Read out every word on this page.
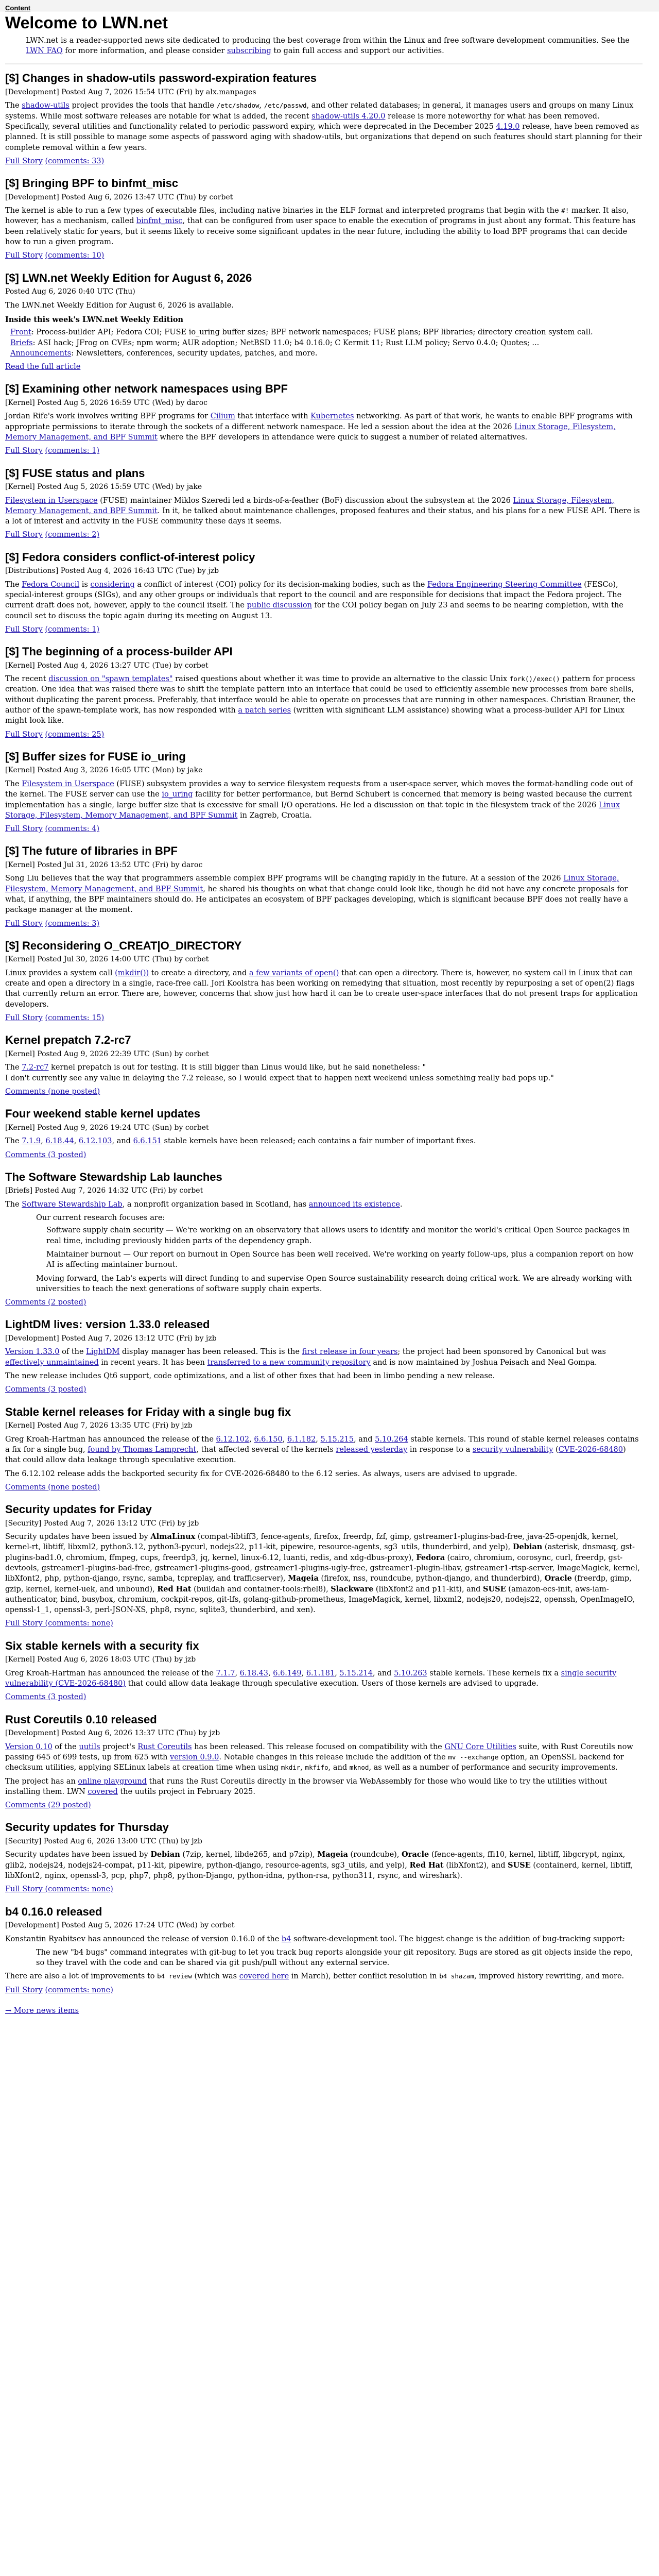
Content
Welcome to LWN.net

LWN.net is a reader-supported news site dedicated to producing the best coverage from within the Linux and free software development communities. See the LWN FAQ for more information, and please consider subscribing to gain full access and support our activities.

[$] Changes in shadow-utils password-expiration features
[Development] Posted Aug 7, 2026 15:54 UTC (Fri) by alx.manpages

The shadow-utils project provides the tools that handle /etc/shadow, /etc/passwd, and other related databases; in general, it manages users and groups on many Linux systems. While most software releases are notable for what is added, the recent shadow-utils 4.20.0 release is more noteworthy for what has been removed. Specifically, several utilities and functionality related to periodic password expiry, which were deprecated in the December 2025 4.19.0 release, have been removed as planned. It is still possible to manage some aspects of password aging with shadow-utils, but organizations that depend on such features should start planning for their complete removal within a few years.

Full Story (comments: 33)
[$] Bringing BPF to binfmt_misc
[Development] Posted Aug 6, 2026 13:47 UTC (Thu) by corbet

The kernel is able to run a few types of executable files, including native binaries in the ELF format and interpreted programs that begin with the #! marker. It also, however, has a mechanism, called binfmt_misc, that can be configured from user space to enable the execution of programs in just about any format. This feature has been relatively static for years, but it seems likely to receive some significant updates in the near future, including the ability to load BPF programs that can decide how to run a given program.

Full Story (comments: 10)
[$] LWN.net Weekly Edition for August 6, 2026
Posted Aug 6, 2026 0:40 UTC (Thu)

The LWN.net Weekly Edition for August 6, 2026 is available.

Inside this week's LWN.net Weekly Edition
Front: Process-builder API; Fedora COI; FUSE io_uring buffer sizes; BPF network namespaces; FUSE plans; BPF libraries; directory creation system call.
Briefs: ASI hack; JFrog on CVEs; npm worm; AUR adoption; NetBSD 11.0; b4 0.16.0; C Kermit 11; Rust LLM policy; Servo 0.4.0; Quotes; ...
Announcements: Newsletters, conferences, security updates, patches, and more.
Read the full article
[$] Examining other network namespaces using BPF
[Kernel] Posted Aug 5, 2026 16:59 UTC (Wed) by daroc

Jordan Rife's work involves writing BPF programs for Cilium that interface with Kubernetes networking. As part of that work, he wants to enable BPF programs with appropriate permissions to iterate through the sockets of a different network namespace. He led a session about the idea at the 2026 Linux Storage, Filesystem, Memory Management, and BPF Summit where the BPF developers in attendance were quick to suggest a number of related alternatives.

Full Story (comments: 1)
[$] FUSE status and plans
[Kernel] Posted Aug 5, 2026 15:59 UTC (Wed) by jake

Filesystem in Userspace (FUSE) maintainer Miklos Szeredi led a birds-of-a-feather (BoF) discussion about the subsystem at the 2026 Linux Storage, Filesystem, Memory Management, and BPF Summit. In it, he talked about maintenance challenges, proposed features and their status, and his plans for a new FUSE API. There is a lot of interest and activity in the FUSE community these days it seems.

Full Story (comments: 2)
[$] Fedora considers conflict-of-interest policy
[Distributions] Posted Aug 4, 2026 16:43 UTC (Tue) by jzb

The Fedora Council is considering a conflict of interest (COI) policy for its decision-making bodies, such as the Fedora Engineering Steering Committee (FESCo), special-interest groups (SIGs), and any other groups or individuals that report to the council and are responsible for decisions that impact the Fedora project. The current draft does not, however, apply to the council itself. The public discussion for the COI policy began on July 23 and seems to be nearing completion, with the council set to discuss the topic again during its meeting on August 13.

Full Story (comments: 1)
[$] The beginning of a process-builder API
[Kernel] Posted Aug 4, 2026 13:27 UTC (Tue) by corbet

The recent discussion on "spawn templates" raised questions about whether it was time to provide an alternative to the classic Unix fork()/exec() pattern for process creation. One idea that was raised there was to shift the template pattern into an interface that could be used to efficiently assemble new processes from bare shells, without duplicating the parent process. Preferably, that interface would be able to operate on processes that are running in other namespaces. Christian Brauner, the author of the spawn-template work, has now responded with a patch series (written with significant LLM assistance) showing what a process-builder API for Linux might look like.

Full Story (comments: 25)
[$] Buffer sizes for FUSE io_uring
[Kernel] Posted Aug 3, 2026 16:05 UTC (Mon) by jake

The Filesystem in Userspace (FUSE) subsystem provides a way to service filesystem requests from a user-space server, which moves the format-handling code out of the kernel. The FUSE server can use the io_uring facility for better performance, but Bernd Schubert is concerned that memory is being wasted because the current implementation has a single, large buffer size that is excessive for small I/O operations. He led a discussion on that topic in the filesystem track of the 2026 Linux Storage, Filesystem, Memory Management, and BPF Summit in Zagreb, Croatia.

Full Story (comments: 4)
[$] The future of libraries in BPF
[Kernel] Posted Jul 31, 2026 13:52 UTC (Fri) by daroc

Song Liu believes that the way that programmers assemble complex BPF programs will be changing rapidly in the future. At a session of the 2026 Linux Storage, Filesystem, Memory Management, and BPF Summit, he shared his thoughts on what that change could look like, though he did not have any concrete proposals for what, if anything, the BPF maintainers should do. He anticipates an ecosystem of BPF packages developing, which is significant because BPF does not really have a package manager at the moment.

Full Story (comments: 3)
[$] Reconsidering O_CREAT|O_DIRECTORY
[Kernel] Posted Jul 30, 2026 14:00 UTC (Thu) by corbet

Linux provides a system call (mkdir()) to create a directory, and a few variants of open() that can open a directory. There is, however, no system call in Linux that can create and open a directory in a single, race-free call. Jori Koolstra has been working on remedying that situation, most recently by repurposing a set of open(2) flags that currently return an error. There are, however, concerns that show just how hard it can be to create user-space interfaces that do not present traps for application developers.

Full Story (comments: 15)
Kernel prepatch 7.2-rc7
[Kernel] Posted Aug 9, 2026 22:39 UTC (Sun) by corbet

The 7.2-rc7 kernel prepatch is out for testing. It is still bigger than Linus would like, but he said nonetheless: "
I don't currently see any value in delaying the 7.2 release, so I would expect that to happen next weekend unless something really bad pops up."

Comments (none posted)
Four weekend stable kernel updates
[Kernel] Posted Aug 9, 2026 19:24 UTC (Sun) by corbet

The 7.1.9, 6.18.44, 6.12.103, and 6.6.151 stable kernels have been released; each contains a fair number of important fixes.

Comments (3 posted)
The Software Stewardship Lab launches
[Briefs] Posted Aug 7, 2026 14:32 UTC (Fri) by corbet

The Software Stewardship Lab, a nonprofit organization based in Scotland, has announced its existence.

Our current research focuses are:
Software supply chain security — We're working on an observatory that allows users to identify and monitor the world's critical Open Source packages in real time, including previously hidden parts of the dependency graph.
Maintainer burnout — Our report on burnout in Open Source has been well received. We're working on yearly follow-ups, plus a companion report on how AI is affecting maintainer burnout.
Moving forward, the Lab's experts will direct funding to and supervise Open Source sustainability research doing critical work. We are already working with universities to teach the next generations of software supply chain experts.
Comments (2 posted)
LightDM lives: version 1.33.0 released
[Development] Posted Aug 7, 2026 13:12 UTC (Fri) by jzb

Version 1.33.0 of the LightDM display manager has been released. This is the first release in four years; the project had been sponsored by Canonical but was effectively unmaintained in recent years. It has been transferred to a new community repository and is now maintained by Joshua Peisach and Neal Gompa.

The new release includes Qt6 support, code optimizations, and a list of other fixes that had been in limbo pending a new release.

Comments (3 posted)
Stable kernel releases for Friday with a single bug fix
[Kernel] Posted Aug 7, 2026 13:35 UTC (Fri) by jzb

Greg Kroah-Hartman has announced the release of the 6.12.102, 6.6.150, 6.1.182, 5.15.215, and 5.10.264 stable kernels. This round of stable kernel releases contains a fix for a single bug, found by Thomas Lamprecht, that affected several of the kernels released yesterday in response to a security vulnerability (CVE-2026-68480) that could allow data leakage through speculative execution.

The 6.12.102 release adds the backported security fix for CVE-2026-68480 to the 6.12 series. As always, users are advised to upgrade.

Comments (none posted)
Security updates for Friday
[Security] Posted Aug 7, 2026 13:12 UTC (Fri) by jzb

Security updates have been issued by AlmaLinux (compat-libtiff3, fence-agents, firefox, freerdp, fzf, gimp, gstreamer1-plugins-bad-free, java-25-openjdk, kernel, kernel-rt, libtiff, libxml2, python3.12, python3-pycurl, nodejs22, p11-kit, pipewire, resource-agents, sg3_utils, thunderbird, and yelp), Debian (asterisk, dnsmasq, gst-plugins-bad1.0, chromium, ffmpeg, cups, freerdp3, jq, kernel, linux-6.12, luanti, redis, and xdg-dbus-proxy), Fedora (cairo, chromium, corosync, curl, freerdp, gst-devtools, gstreamer1-plugins-bad-free, gstreamer1-plugins-good, gstreamer1-plugins-ugly-free, gstreamer1-plugin-libav, gstreamer1-rtsp-server, ImageMagick, kernel, libXfont2, php, python-django, rsync, samba, tcpreplay, and trafficserver), Mageia (firefox, nss, roundcube, python-django, and thunderbird), Oracle (freerdp, gimp, gzip, kernel, kernel-uek, and unbound), Red Hat (buildah and container-tools:rhel8), Slackware (libXfont2 and p11-kit), and SUSE (amazon-ecs-init, aws-iam-authenticator, bind, busybox, chromium, cockpit-repos, git-lfs, golang-github-prometheus, ImageMagick, kernel, libxml2, nodejs20, nodejs22, openssh, OpenImageIO, openssl-1_1, openssl-3, perl-JSON-XS, php8, rsync, sqlite3, thunderbird, and xen).

Full Story (comments: none)
Six stable kernels with a security fix
[Kernel] Posted Aug 6, 2026 18:03 UTC (Thu) by jzb

Greg Kroah-Hartman has announced the release of the 7.1.7, 6.18.43, 6.6.149, 6.1.181, 5.15.214, and 5.10.263 stable kernels. These kernels fix a single security vulnerability (CVE-2026-68480) that could allow data leakage through speculative execution. Users of those kernels are advised to upgrade.

Comments (3 posted)
Rust Coreutils 0.10 released
[Development] Posted Aug 6, 2026 13:37 UTC (Thu) by jzb

Version 0.10 of the uutils project's Rust Coreutils has been released. This release focused on compatibility with the GNU Core Utilities suite, with Rust Coreutils now passing 645 of 699 tests, up from 625 with version 0.9.0. Notable changes in this release include the addition of the mv --exchange option, an OpenSSL backend for checksum utilities, applying SELinux labels at creation time when using mkdir, mkfifo, and mknod, as well as a number of performance and security improvements.

The project has an online playground that runs the Rust Coreutils directly in the browser via WebAssembly for those who would like to try the utilities without installing them. LWN covered the uutils project in February 2025.

Comments (29 posted)
Security updates for Thursday
[Security] Posted Aug 6, 2026 13:00 UTC (Thu) by jzb

Security updates have been issued by Debian (7zip, kernel, libde265, and p7zip), Mageia (roundcube), Oracle (fence-agents, ffi10, kernel, libtiff, libgcrypt, nginx, glib2, nodejs24, nodejs24-compat, p11-kit, pipewire, python-django, resource-agents, sg3_utils, and yelp), Red Hat (libXfont2), and SUSE (containerd, kernel, libtiff, libXfont2, nginx, openssl-3, pcp, php7, php8, python-Django, python-idna, python-rsa, python311, rsync, and wireshark).

Full Story (comments: none)
b4 0.16.0 released
[Development] Posted Aug 5, 2026 17:24 UTC (Wed) by corbet

Konstantin Ryabitsev has announced the release of version 0.16.0 of the b4 software-development tool. The biggest change is the addition of bug-tracking support:

The new "b4 bugs" command integrates with git-bug to let you track bug reports alongside your git repository. Bugs are stored as git objects inside the repo, so they travel with the code and can be shared via git push/pull without any external service.

There are also a lot of improvements to b4 review (which was covered here in March), better conflict resolution in b4 shazam, improved history rewriting, and more.

Full Story (comments: none)
→ More news items
